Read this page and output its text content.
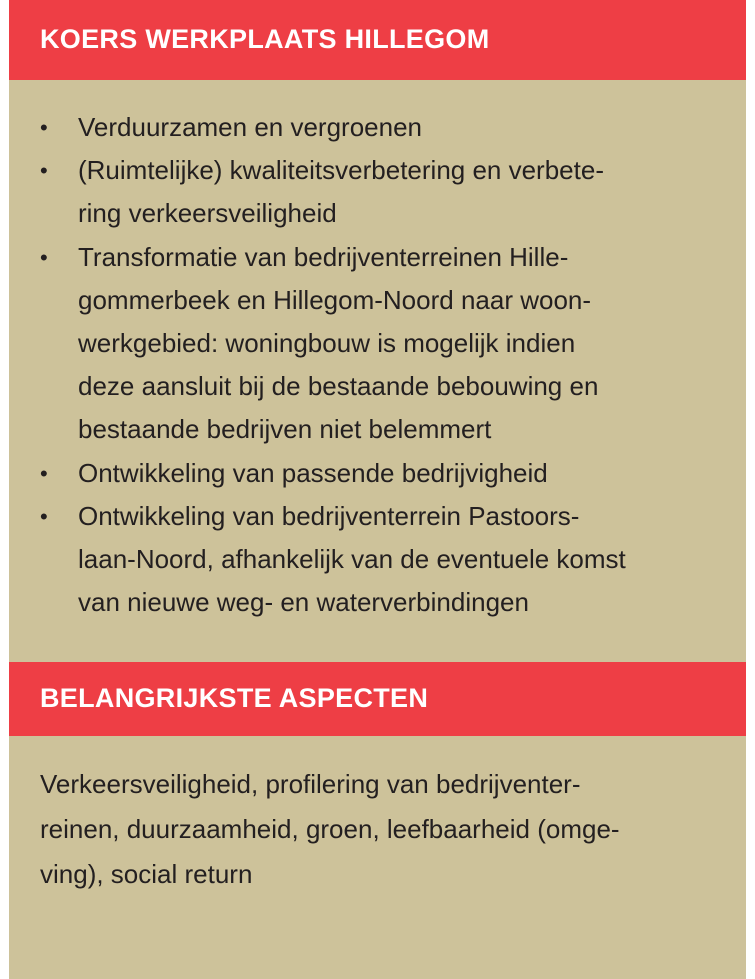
KOERS WERKPLAATS HILLEGOM
• Verduurzamen en vergroenen
• (Ruimtelijke) kwaliteitsverbetering en verbete-
ring verkeersveiligheid
• Transformatie van bedrijventerreinen Hille-
gommerbeek en Hillegom-Noord naar woon-
werkgebied: woningbouw is mogelijk indien
deze aansluit bij de bestaande bebouwing en
bestaande bedrijven niet belemmert
• Ontwikkeling van passende bedrijvigheid
• Ontwikkeling van bedrijventerrein Pastoors-
laan-Noord, afhankelijk van de eventuele komst
van nieuwe weg- en waterverbindingen
BELANGRIJKSTE ASPECTEN
Verkeersveiligheid, profilering van bedrijventer-
reinen, duurzaamheid, groen, leefbaarheid (omge-
ving), social return
